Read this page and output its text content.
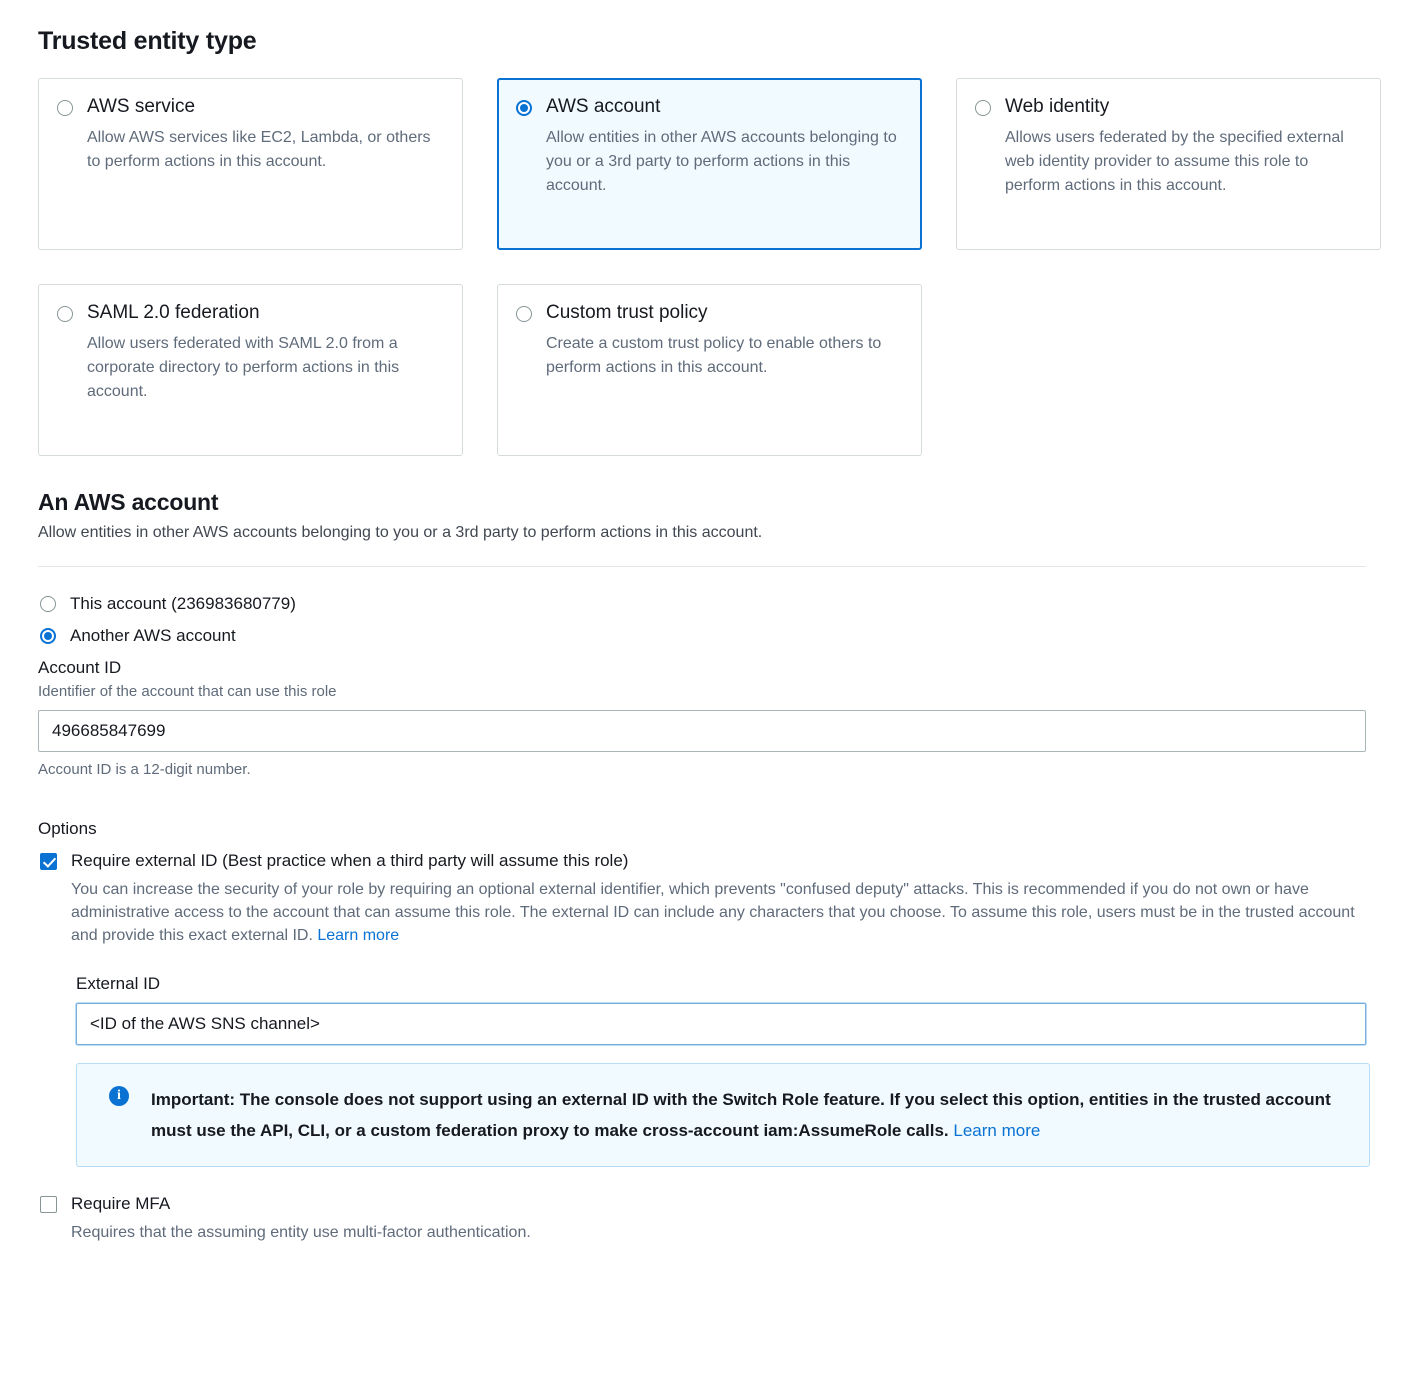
Trusted entity type
AWS service
Allow AWS services like EC2, Lambda, or others to perform actions in this account.
AWS account
Allow entities in other AWS accounts belonging to you or a 3rd party to perform actions in this account.
Web identity
Allows users federated by the specified external web identity provider to assume this role to perform actions in this account.
SAML 2.0 federation
Allow users federated with SAML 2.0 from a corporate directory to perform actions in this account.
Custom trust policy
Create a custom trust policy to enable others to perform actions in this account.
An AWS account
Allow entities in other AWS accounts belonging to you or a 3rd party to perform actions in this account.
This account (236983680779)
Another AWS account
Account ID
Identifier of the account that can use this role
496685847699
Account ID is a 12-digit number.
Options
Require external ID (Best practice when a third party will assume this role)
You can increase the security of your role by requiring an optional external identifier, which prevents "confused deputy" attacks. This is recommended if you do not own or have administrative access to the account that can assume this role. The external ID can include any characters that you choose. To assume this role, users must be in the trusted account and provide this exact external ID. Learn more
External ID
<ID of the AWS SNS channel>
i	Important: The console does not support using an external ID with the Switch Role feature. If you select this option, entities in the trusted account must use the API, CLI, or a custom federation proxy to make cross-account iam:AssumeRole calls. Learn more
Require MFA
Requires that the assuming entity use multi-factor authentication.
